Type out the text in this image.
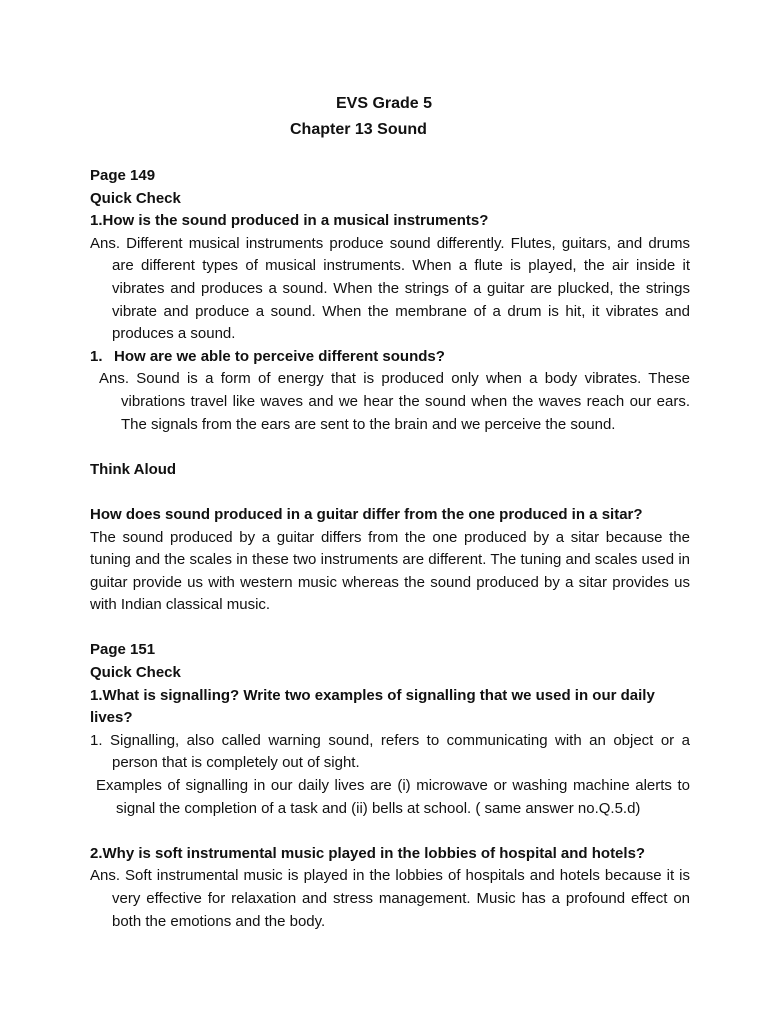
EVS Grade 5
Chapter 13 Sound

Page 149

Quick Check

1.How is the sound produced in a musical instruments?

Ans. Different musical instruments produce sound differently. Flutes, guitars, and drums are different types of musical instruments. When a flute is played, the air inside it vibrates and produces a sound. When the strings of a guitar are plucked, the strings vibrate and produce a sound. When the membrane of a drum is hit, it vibrates and produces a sound.

1. How are we able to perceive different sounds?

Ans. Sound is a form of energy that is produced only when a body vibrates. These vibrations travel like waves and we hear the sound when the waves reach our ears. The signals from the ears are sent to the brain and we perceive the sound.

Think Aloud

How does sound produced in a guitar differ from the one produced in a sitar?

The sound produced by a guitar differs from the one produced by a sitar because the tuning and the scales in these two instruments are different. The tuning and scales used in guitar provide us with western music whereas the sound produced by a sitar provides us with Indian classical music.

Page 151

Quick Check

1.What is signalling? Write two examples of signalling that we used in our daily lives?

1. Signalling, also called warning sound, refers to communicating with an object or a person that is completely out of sight.

Examples of signalling in our daily lives are (i) microwave or washing machine alerts to signal the completion of a task and (ii) bells at school. ( same answer no.Q.5.d)

2.Why is soft instrumental music played in the lobbies of hospital and hotels?

Ans. Soft instrumental music is played in the lobbies of hospitals and hotels because it is very effective for relaxation and stress management. Music has a profound effect on both the emotions and the body.
